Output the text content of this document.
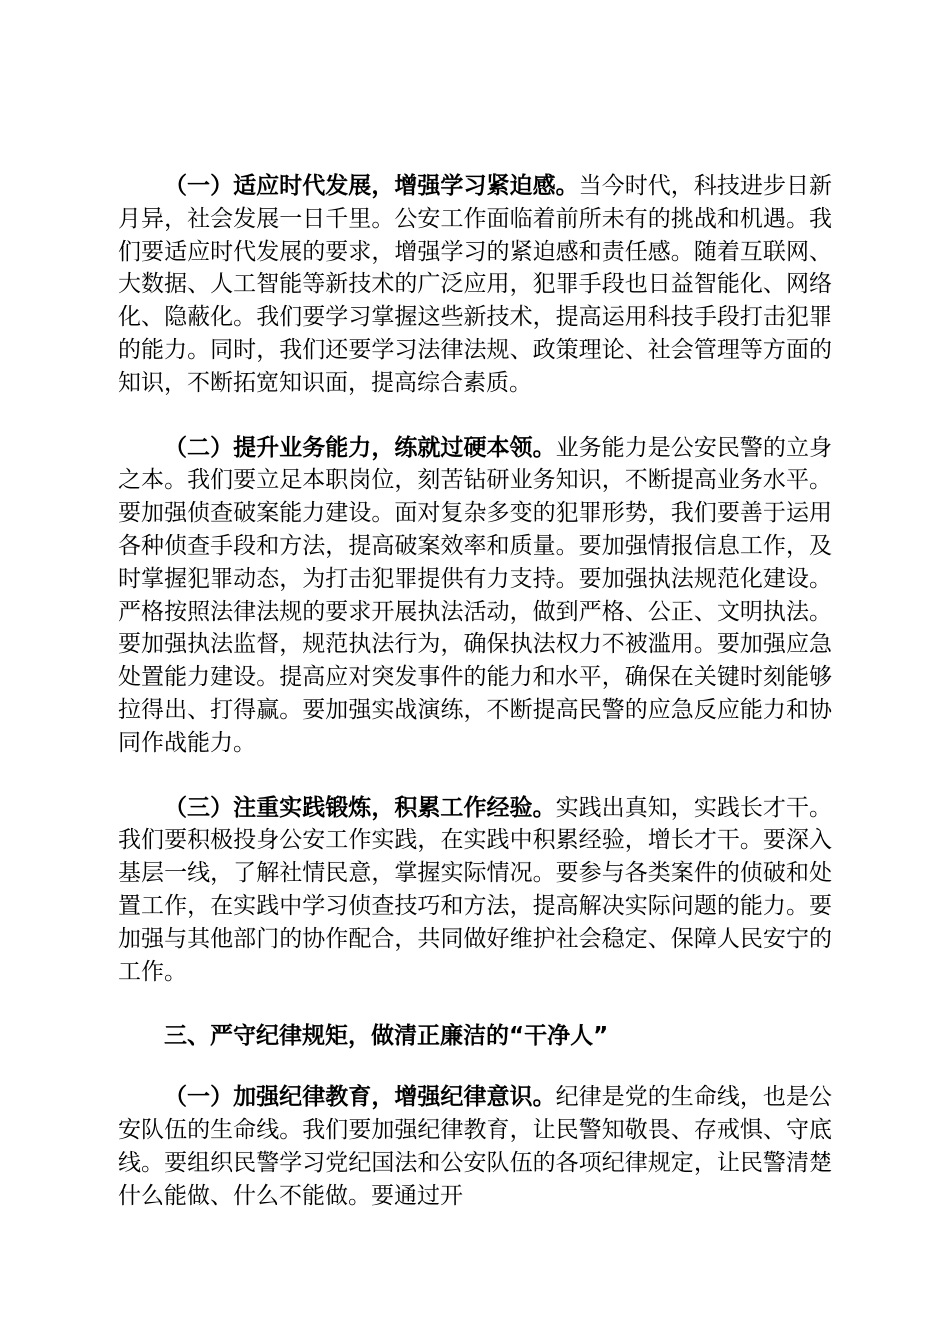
（一）适应时代发展，增强学习紧迫感。当今时代，科技进步日新月异，社会发展一日千里。公安工作面临着前所未有的挑战和机遇。我们要适应时代发展的要求，增强学习的紧迫感和责任感。随着互联网、大数据、人工智能等新技术的广泛应用，犯罪手段也日益智能化、网络化、隐蔽化。我们要学习掌握这些新技术，提高运用科技手段打击犯罪的能力。同时，我们还要学习法律法规、政策理论、社会管理等方面的知识，不断拓宽知识面，提高综合素质。

（二）提升业务能力，练就过硬本领。业务能力是公安民警的立身之本。我们要立足本职岗位，刻苦钻研业务知识，不断提高业务水平。要加强侦查破案能力建设。面对复杂多变的犯罪形势，我们要善于运用各种侦查手段和方法，提高破案效率和质量。要加强情报信息工作，及时掌握犯罪动态，为打击犯罪提供有力支持。要加强执法规范化建设。严格按照法律法规的要求开展执法活动，做到严格、公正、文明执法。要加强执法监督，规范执法行为，确保执法权力不被滥用。要加强应急处置能力建设。提高应对突发事件的能力和水平，确保在关键时刻能够拉得出、打得赢。要加强实战演练，不断提高民警的应急反应能力和协同作战能力。

（三）注重实践锻炼，积累工作经验。实践出真知，实践长才干。我们要积极投身公安工作实践，在实践中积累经验，增长才干。要深入基层一线，了解社情民意，掌握实际情况。要参与各类案件的侦破和处置工作，在实践中学习侦查技巧和方法，提高解决实际问题的能力。要加强与其他部门的协作配合，共同做好维护社会稳定、保障人民安宁的工作。

三、严守纪律规矩，做清正廉洁的“干净人”

（一）加强纪律教育，增强纪律意识。纪律是党的生命线，也是公安队伍的生命线。我们要加强纪律教育，让民警知敬畏、存戒惧、守底线。要组织民警学习党纪国法和公安队伍的各项纪律规定，让民警清楚什么能做、什么不能做。要通过开
